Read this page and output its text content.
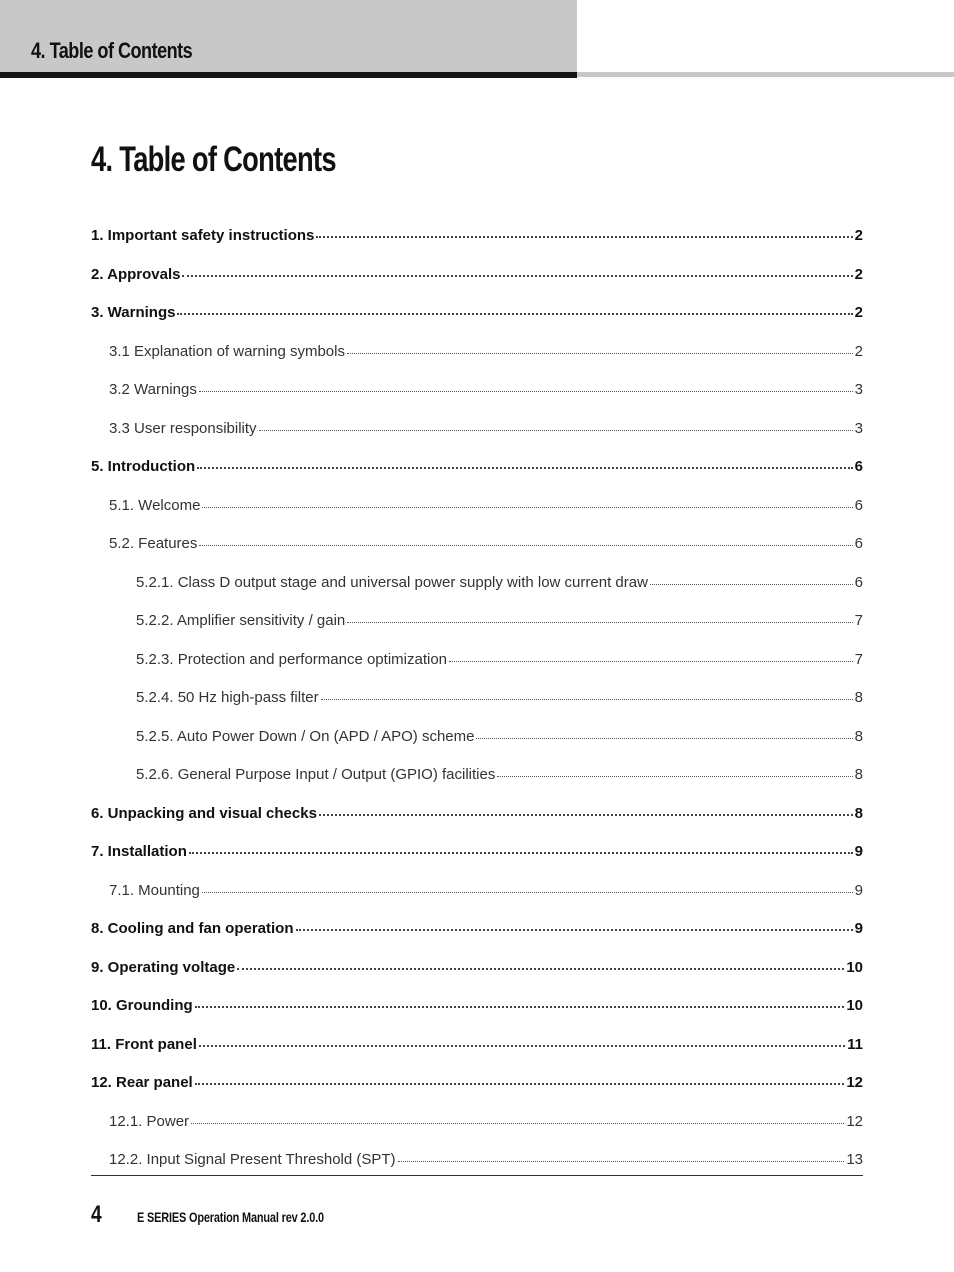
4. Table of Contents
4. Table of Contents
1. Important safety instructions	2
2. Approvals	2
3. Warnings	2
3.1 Explanation of warning symbols	2
3.2 Warnings	3
3.3 User responsibility	3
5. Introduction	6
5.1. Welcome	6
5.2. Features	6
5.2.1. Class D output stage and universal power supply with low current draw	6
5.2.2. Amplifier sensitivity / gain	7
5.2.3. Protection and performance optimization	7
5.2.4. 50 Hz high-pass filter	8
5.2.5. Auto Power Down / On (APD / APO) scheme	8
5.2.6. General Purpose Input / Output (GPIO) facilities	8
6. Unpacking and visual checks	8
7. Installation	9
7.1. Mounting	9
8. Cooling and fan operation	9
9. Operating voltage	10
10. Grounding	10
11. Front panel	11
12. Rear panel	12
12.1. Power	12
12.2. Input Signal Present Threshold (SPT)	13
4	E SERIES Operation Manual rev 2.0.0
